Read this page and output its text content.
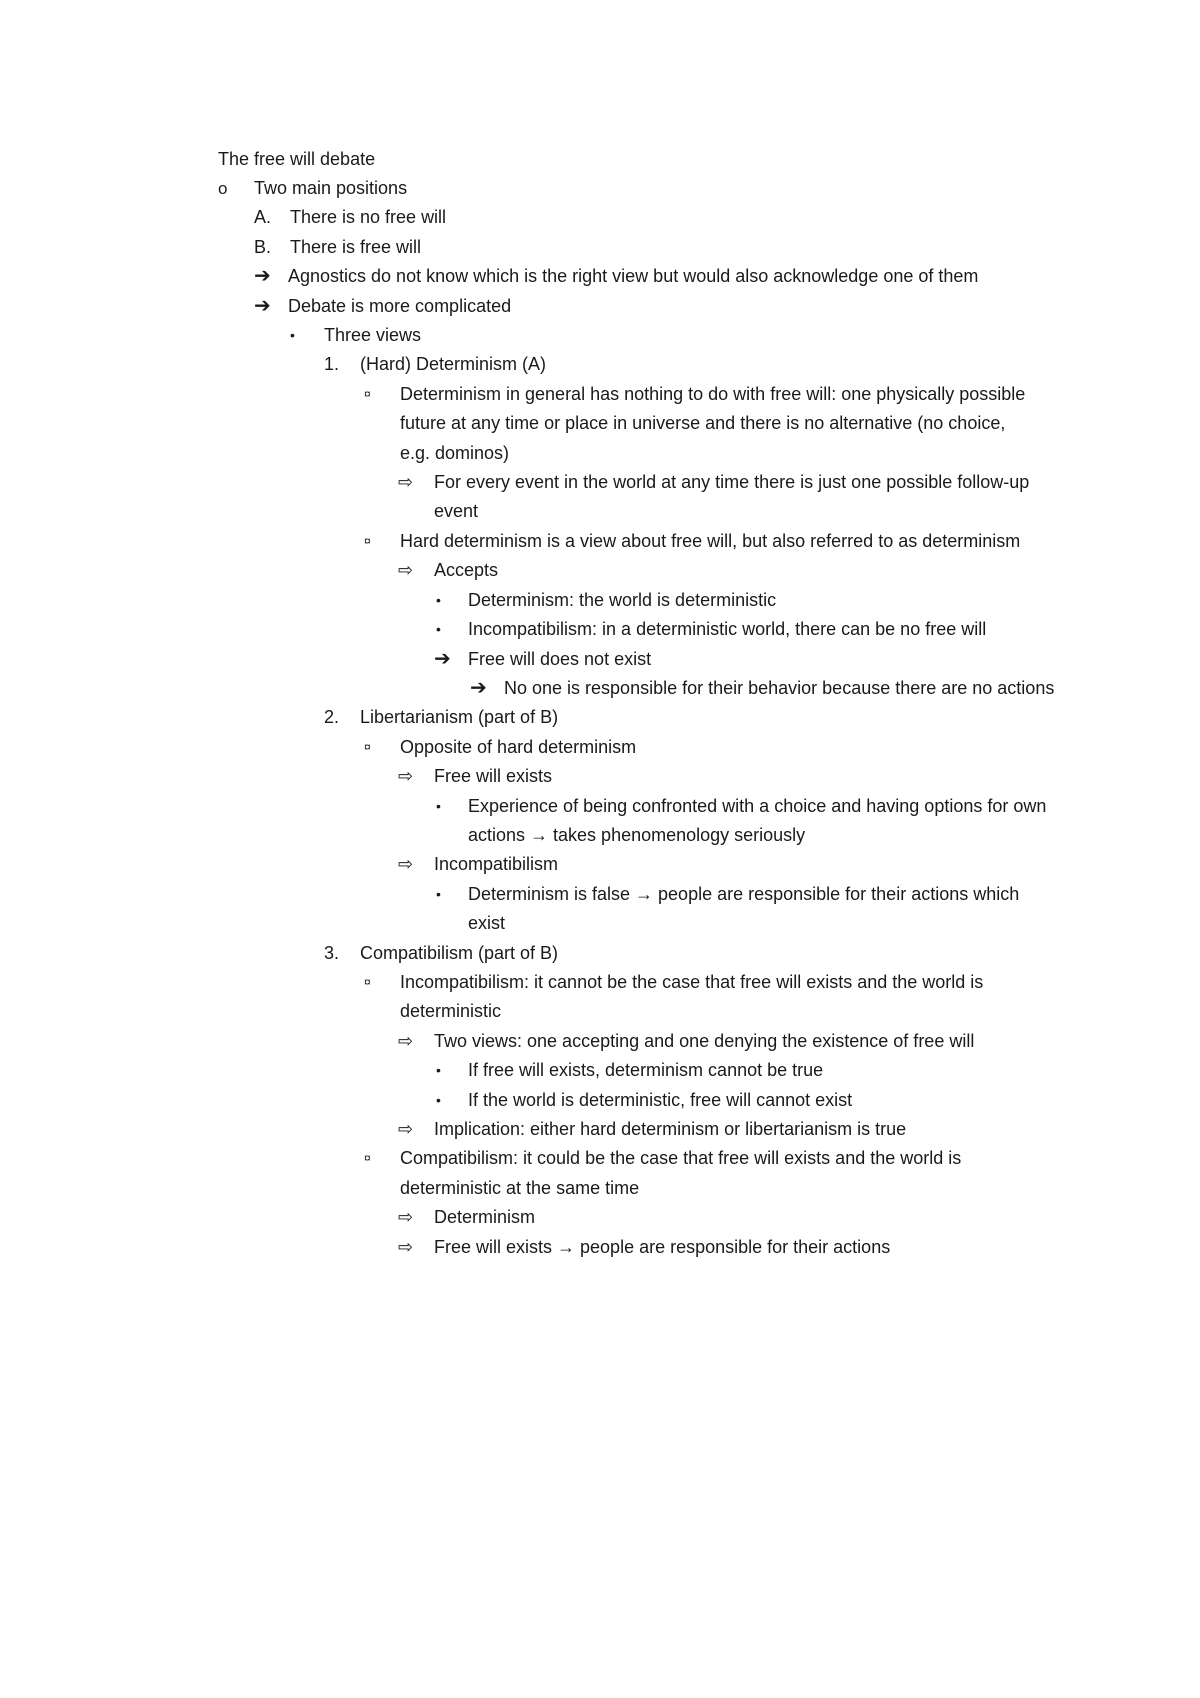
The free will debate
o Two main positions
A. There is no free will
B. There is free will
➔ Agnostics do not know which is the right view but would also acknowledge one of them
➔ Debate is more complicated
• Three views
1. (Hard) Determinism (A)
¤ Determinism in general has nothing to do with free will: one physically possible future at any time or place in universe and there is no alternative (no choice, e.g. dominos)
⇨ For every event in the world at any time there is just one possible follow-up event
¤ Hard determinism is a view about free will, but also referred to as determinism
⇨ Accepts
• Determinism: the world is deterministic
• Incompatibilism: in a deterministic world, there can be no free will
➔ Free will does not exist
➔ No one is responsible for their behavior because there are no actions
2. Libertarianism (part of B)
¤ Opposite of hard determinism
⇨ Free will exists
• Experience of being confronted with a choice and having options for own actions → takes phenomenology seriously
⇨ Incompatibilism
• Determinism is false → people are responsible for their actions which exist
3. Compatibilism (part of B)
¤ Incompatibilism: it cannot be the case that free will exists and the world is deterministic
⇨ Two views: one accepting and one denying the existence of free will
• If free will exists, determinism cannot be true
• If the world is deterministic, free will cannot exist
⇨ Implication: either hard determinism or libertarianism is true
¤ Compatibilism: it could be the case that free will exists and the world is deterministic at the same time
⇨ Determinism
⇨ Free will exists → people are responsible for their actions
